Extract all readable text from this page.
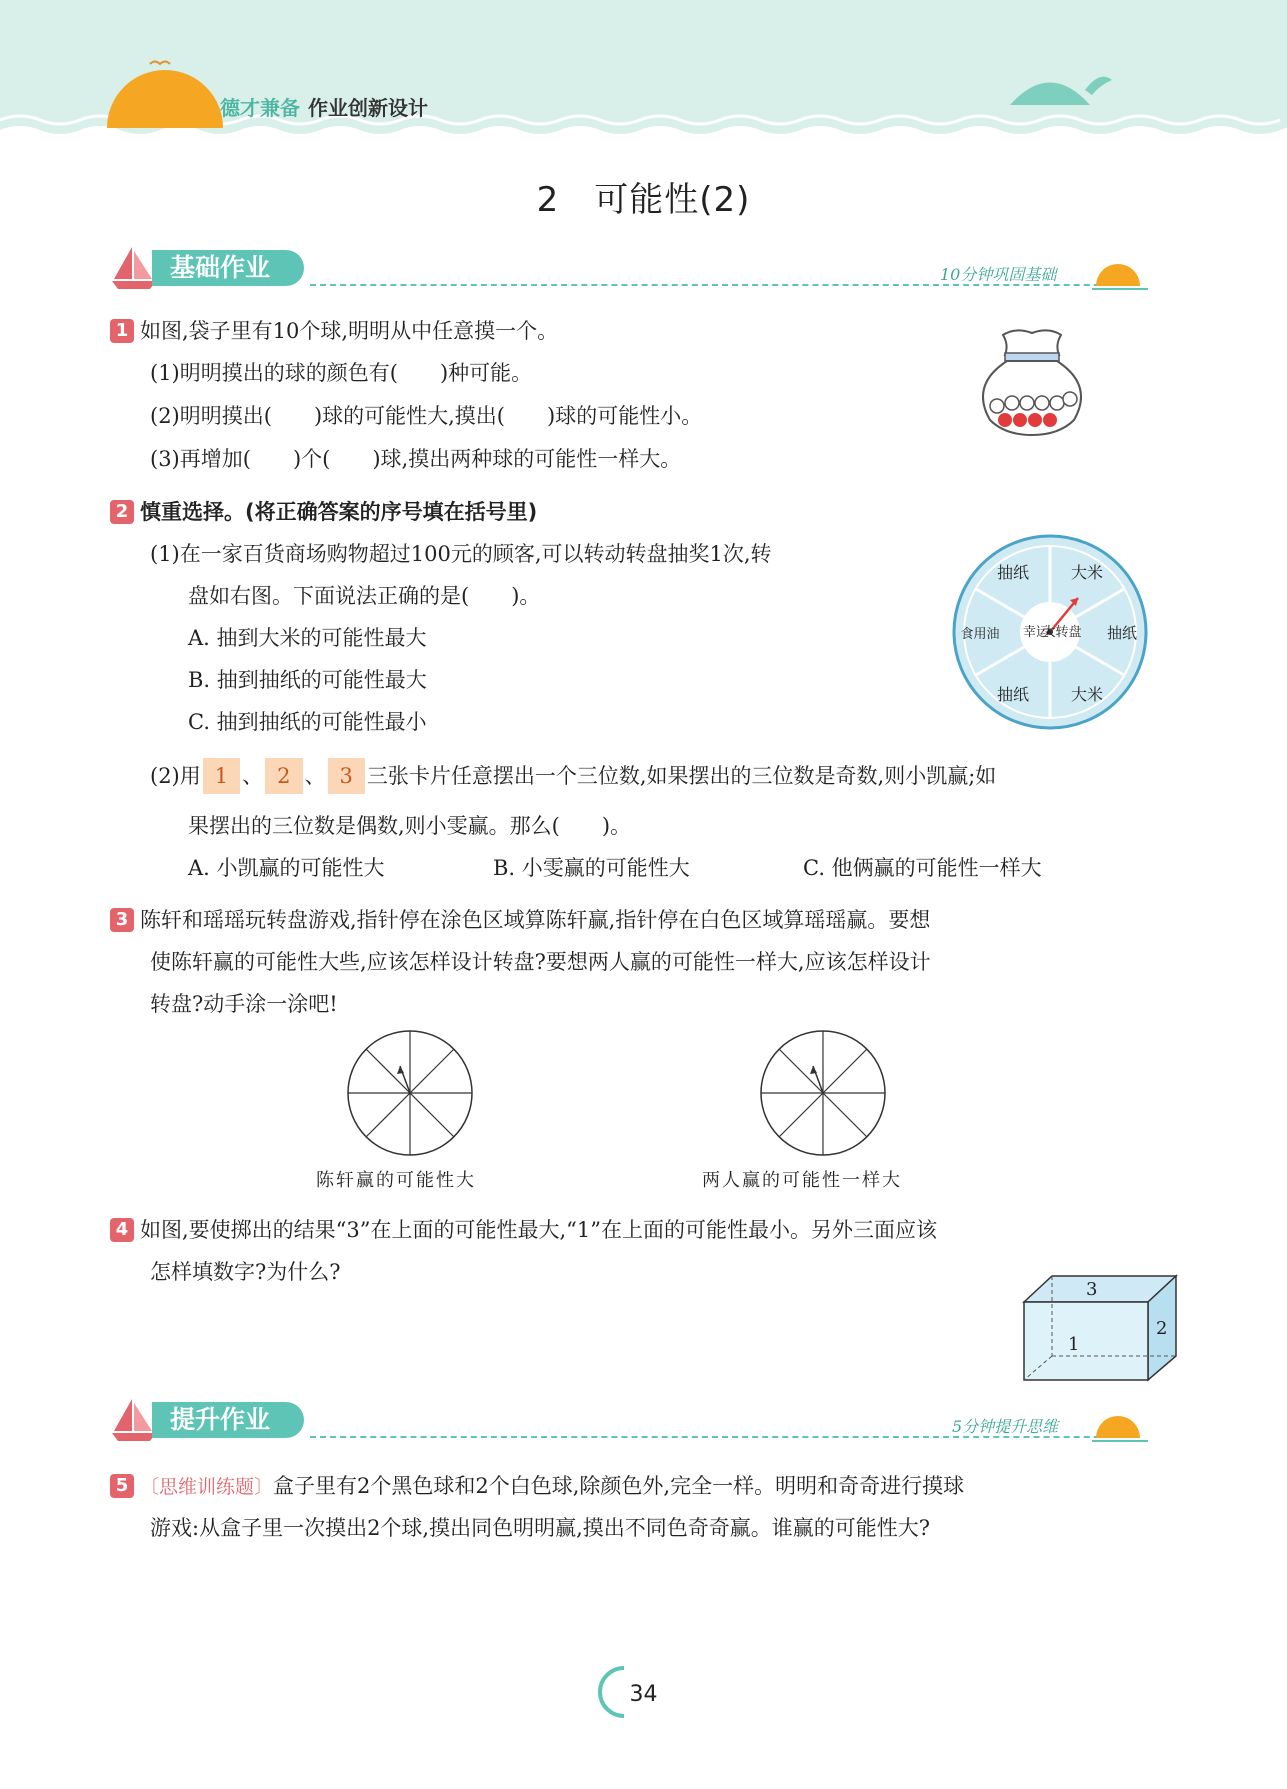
德才兼备 作业创新设计
2　可能性(2)
基础作业	10分钟巩固基础
1 如图,袋子里有10个球,明明从中任意摸一个。
(1)明明摸出的球的颜色有(　　)种可能。
(2)明明摸出(　　)球的可能性大,摸出(　　)球的可能性小。
(3)再增加(　　)个(　　)球,摸出两种球的可能性一样大。
2 慎重选择。(将正确答案的序号填在括号里)
(1)在一家百货商场购物超过100元的顾客,可以转动转盘抽奖1次,转
盘如右图。下面说法正确的是(　　)。
A. 抽到大米的可能性最大
B. 抽到抽纸的可能性最大
C. 抽到抽纸的可能性最小
幸运
大转盘
抽纸	大米
抽纸
大米
抽纸
食用油
(2)用 1 、 2 、 3 三张卡片任意摆出一个三位数,如果摆出的三位数是奇数,则小凯赢;如
果摆出的三位数是偶数,则小雯赢。那么(　　)。
A. 小凯赢的可能性大	B. 小雯赢的可能性大	C. 他俩赢的可能性一样大
3 陈轩和瑶瑶玩转盘游戏,指针停在涂色区域算陈轩赢,指针停在白色区域算瑶瑶赢。要想
使陈轩赢的可能性大些,应该怎样设计转盘?要想两人赢的可能性一样大,应该怎样设计
转盘?动手涂一涂吧!
陈轩赢的可能性大	两人赢的可能性一样大
4 如图,要使掷出的结果“3”在上面的可能性最大,“1”在上面的可能性最小。另外三面应该
怎样填数字?为什么?
3
1
2
提升作业	5分钟提升思维
5 〔思维训练题〕盒子里有2个黑色球和2个白色球,除颜色外,完全一样。明明和奇奇进行摸球
游戏:从盒子里一次摸出2个球,摸出同色明明赢,摸出不同色奇奇赢。谁赢的可能性大?
34
